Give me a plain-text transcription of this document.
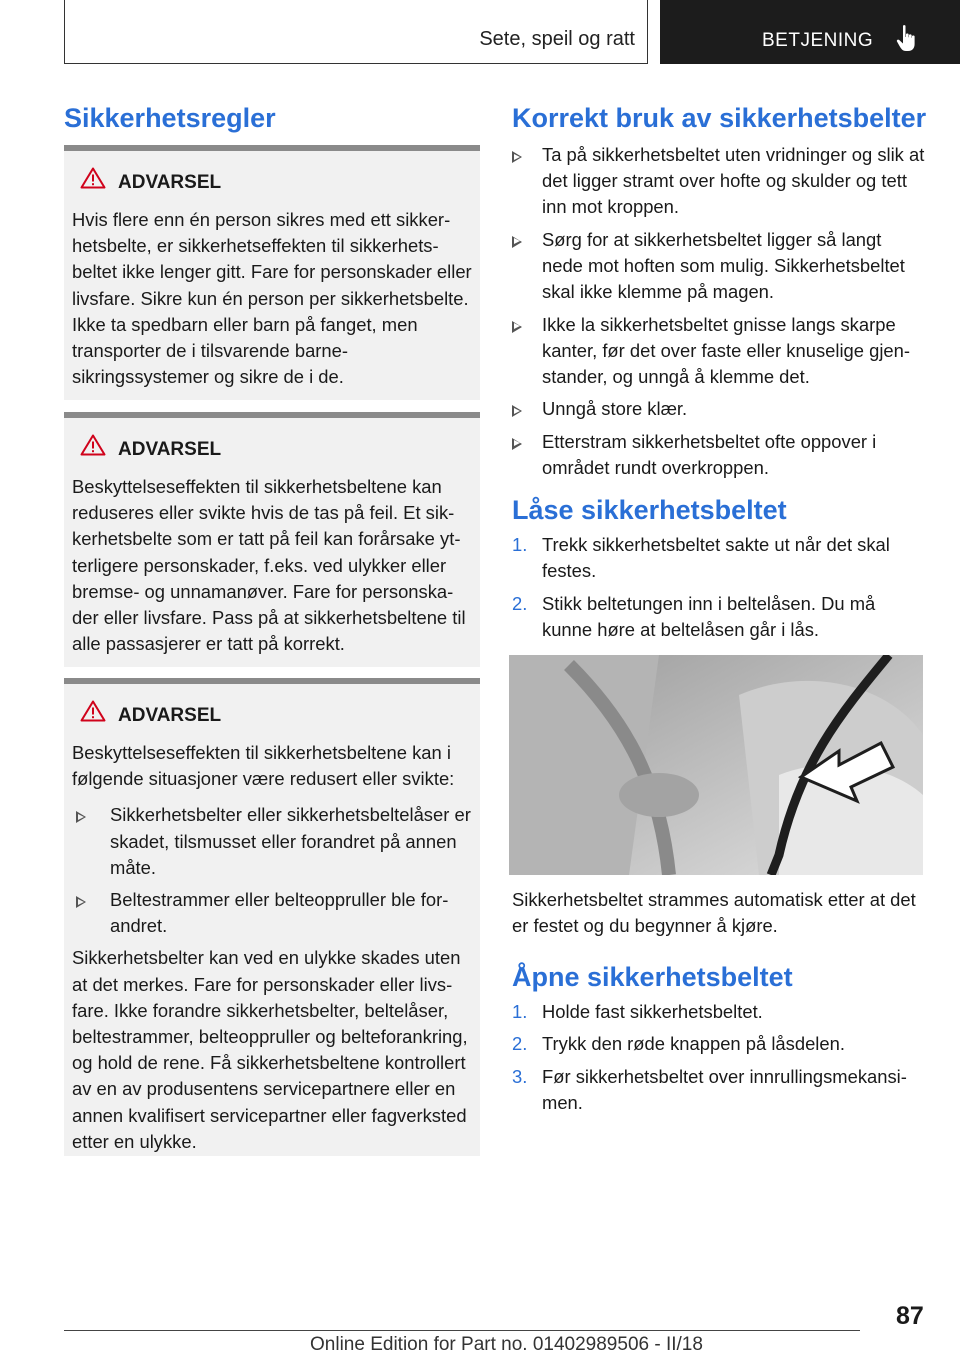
Sete, speil og ratt	BETJENING
Sikkerhetsregler
ADVARSEL

Hvis flere enn én person sikres med ett sikkerhetsbelte, er sikkerhetseffekten til sikkerhetsbeltet ikke lenger gitt. Fare for personskader eller livsfare. Sikre kun én person per sikkerhetsbelte. Ikke ta spedbarn eller barn på fanget, men transporter de i tilsvarende barnesikringssystemer og sikre de i de.

ADVARSEL

Beskyttelseseffekten til sikkerhetsbeltene kan reduseres eller svikte hvis de tas på feil. Et sikkerhetsbelte som er tatt på feil kan forårsake ytterligere personskader, f.eks. ved ulykker eller bremse- og unnamanøver. Fare for personskader eller livsfare. Pass på at sikkerhetsbeltene til alle passasjerer er tatt på korrekt.

ADVARSEL

Beskyttelseseffekten til sikkerhetsbeltene kan i følgende situasjoner være redusert eller svikte:

Sikkerhetsbelter eller sikkerhetsbeltelåser er skadet, tilsmusset eller forandret på annen måte.
Beltestrammer eller belteoppruller ble forandret.

Sikkerhetsbelter kan ved en ulykke skades uten at det merkes. Fare for personskader eller livsfare. Ikke forandre sikkerhetsbelter, beltelåser, beltestrammer, belteoppruller og belteforankring, og hold de rene. Få sikkerhetsbeltene kontrollert av en av produsentens servicepartnere eller en annen kvalifisert servicepartner eller fagverksted etter en ulykke.

Korrekt bruk av sikkerhetsbelter
Ta på sikkerhetsbeltet uten vridninger og slik at det ligger stramt over hofte og skulder og tett inn mot kroppen.
Sørg for at sikkerhetsbeltet ligger så langt nede mot hoften som mulig. Sikkerhetsbeltet skal ikke klemme på magen.
Ikke la sikkerhetsbeltet gnisse langs skarpe kanter, før det over faste eller knuselige gjenstander, og unngå å klemme det.
Unngå store klær.
Etterstram sikkerhetsbeltet ofte oppover i området rundt overkroppen.
Låse sikkerhetsbeltet
1. Trekk sikkerhetsbeltet sakte ut når det skal festes.
2. Stikk beltetungen inn i beltelåsen. Du må kunne høre at beltelåsen går i lås.

Sikkerhetsbeltet strammes automatisk etter at det er festet og du begynner å kjøre.

Åpne sikkerhetsbeltet
1. Holde fast sikkerhetsbeltet.
2. Trykk den røde knappen på låsdelen.
3. Før sikkerhetsbeltet over innrullingsmekansimen.
87
Online Edition for Part no. 01402989506 - II/18
